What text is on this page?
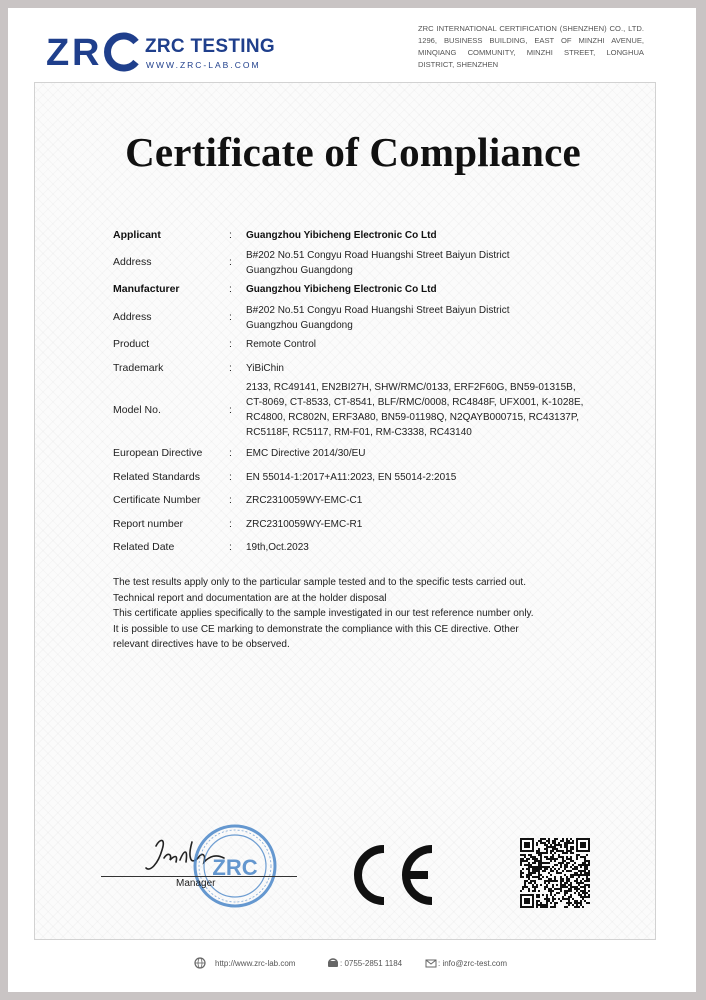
Z R ZRC TESTING
WWW.ZRC-LAB.COM
ZRC INTERNATIONAL CERTIFICATION (SHENZHEN) CO., LTD. 1296, BUSINESS BUILDING, EAST OF MINZHI AVENUE, MINQIANG COMMUNITY, MINZHI STREET, LONGHUA DISTRICT, SHENZHEN
Certificate of Compliance
Applicant	: Guangzhou Yibicheng Electronic Co Ltd
Address	:
B#202 No.51 Congyu Road Huangshi Street Baiyun District
Guangzhou Guangdong
Manufacturer	: Guangzhou Yibicheng Electronic Co Ltd
Address	:
B#202 No.51 Congyu Road Huangshi Street Baiyun District
Guangzhou Guangdong
Product	: Remote Control
Trademark	: YiBiChin
Model No.	:
2133, RC49141, EN2BI27H, SHW/RMC/0133, ERF2F60G, BN59-01315B,
CT-8069, CT-8533, CT-8541, BLF/RMC/0008, RC4848F, UFX001, K-1028E,
RC4800, RC802N, ERF3A80, BN59-01198Q, N2QAYB000715, RC43137P,
RC5118F, RC5117, RM-F01, RM-C3338, RC43140
European Directive	: EMC Directive 2014/30/EU
Related Standards	: EN 55014-1:2017+A11:2023, EN 55014-2:2015
Certificate Number	: ZRC2310059WY-EMC-C1
Report number	: ZRC2310059WY-EMC-R1
Related Date	: 19th,Oct.2023
The test results apply only to the particular sample tested and to the specific tests carried out.
Technical report and documentation are at the holder disposal
This certificate applies specifically to the sample investigated in our test reference number only.
It is possible to use CE marking to demonstrate the compliance with this CE directive. Other
relevant directives have to be observed.
ZRC
Manager
http://www.zrc-lab.com	: 0755-2851 1184	: info@zrc-test.com
